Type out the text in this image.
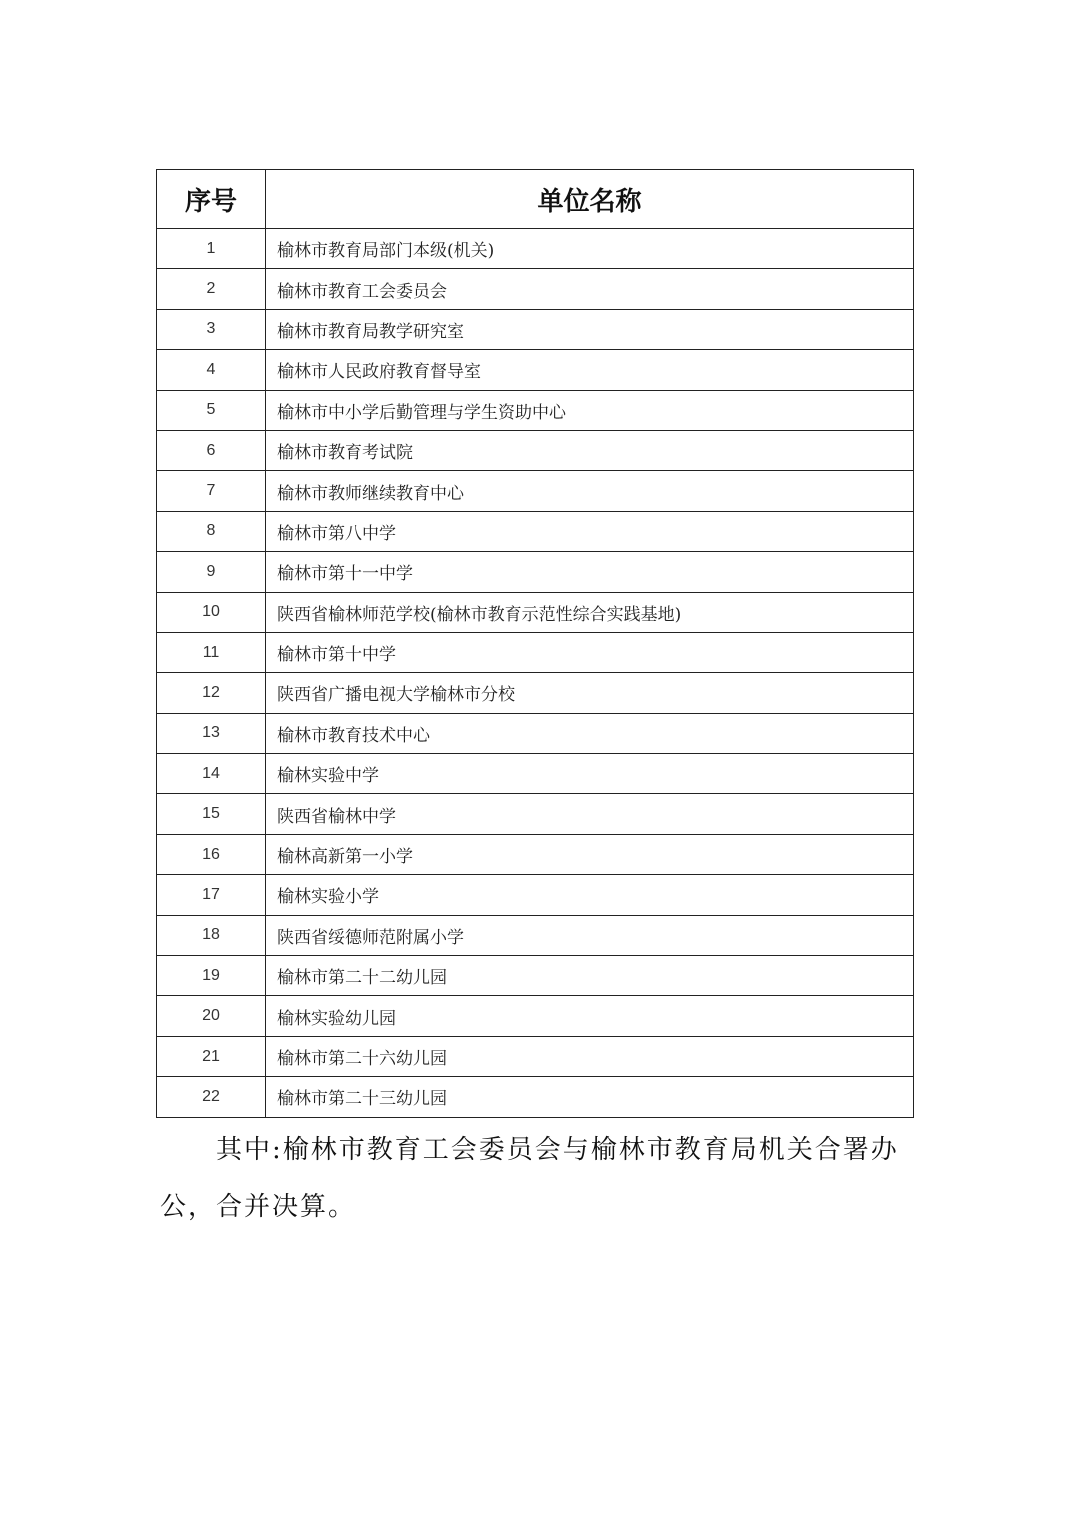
序号	单位名称
1	榆林市教育局部门本级(机关)
2	榆林市教育工会委员会
3	榆林市教育局教学研究室
4	榆林市人民政府教育督导室
5	榆林市中小学后勤管理与学生资助中心
6	榆林市教育考试院
7	榆林市教师继续教育中心
8	榆林市第八中学
9	榆林市第十一中学
10	陕西省榆林师范学校(榆林市教育示范性综合实践基地)
11	榆林市第十中学
12	陕西省广播电视大学榆林市分校
13	榆林市教育技术中心
14	榆林实验中学
15	陕西省榆林中学
16	榆林高新第一小学
17	榆林实验小学
18	陕西省绥德师范附属小学
19	榆林市第二十二幼儿园
20	榆林实验幼儿园
21	榆林市第二十六幼儿园
22	榆林市第二十三幼儿园

其中:榆林市教育工会委员会与榆林市教育局机关合署办公，合并决算。
